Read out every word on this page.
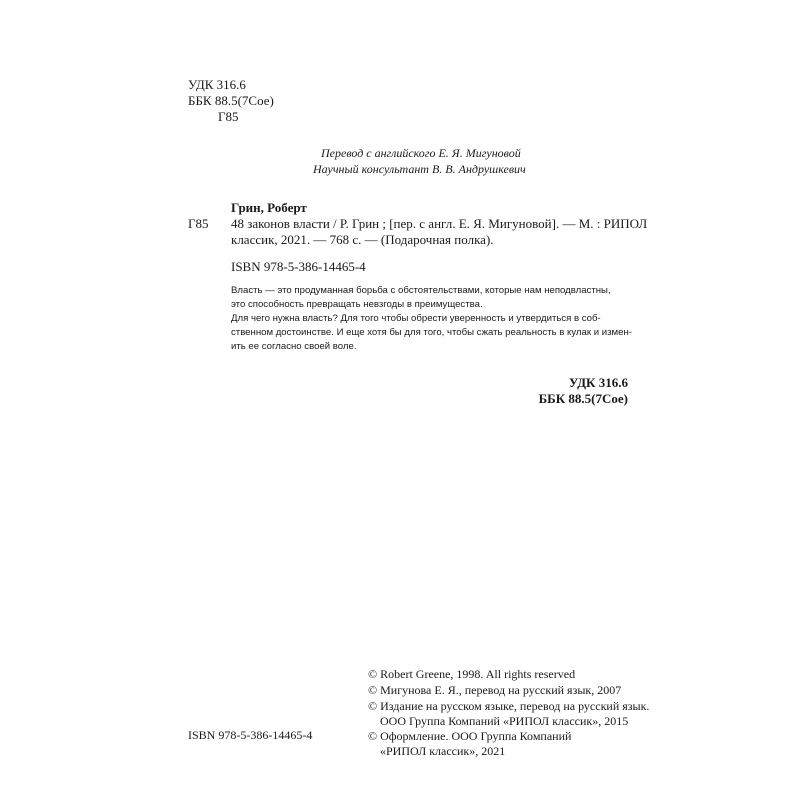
УДК 316.6
ББК 88.5(7Сое)
Г85
Перевод с английского Е. Я. Мигуновой
Научный консультант В. В. Андрушкевич
Грин, Роберт
Г85 48 законов власти / Р. Грин ; [пер. с англ. Е. Я. Мигуновой]. — М. : РИПОЛ
классик, 2021. — 768 с. — (Подарочная полка).
ISBN 978-5-386-14465-4
Власть — это продуманная борьба с обстоятельствами, которые нам неподвластны,
это способность превращать невзгоды в преимущества.
Для чего нужна власть? Для того чтобы обрести уверенность и утвердиться в соб-
ственном достоинстве. И еще хотя бы для того, чтобы сжать реальность в кулак и измен-
ить ее согласно своей воле.
УДК 316.6
ББК 88.5(7Сое)
ISBN 978-5-386-14465-4
© Robert Greene, 1998. All rights reserved
© Мигунова Е. Я., перевод на русский язык, 2007
© Издание на русском языке, перевод на русский язык.
ООО Группа Компаний «РИПОЛ классик», 2015
© Оформление. ООО Группа Компаний
«РИПОЛ классик», 2021
